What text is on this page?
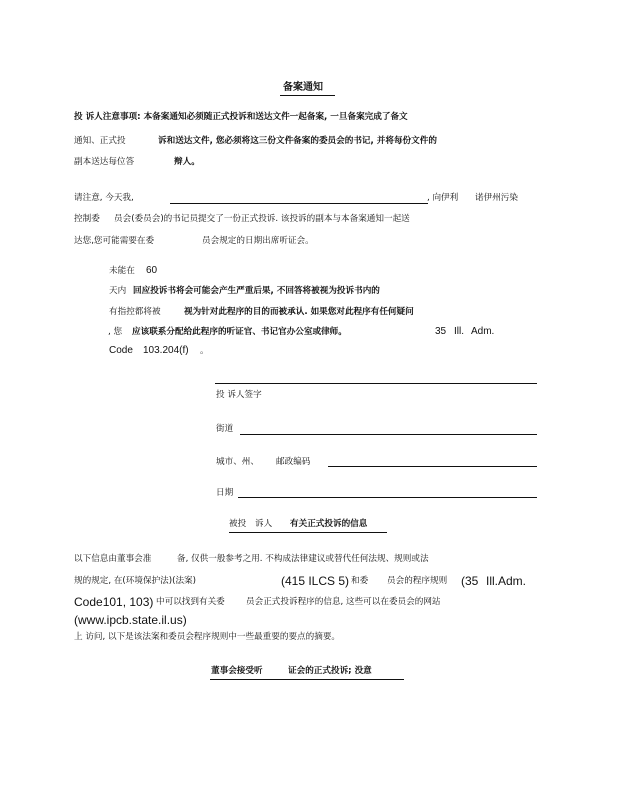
备案通知
投 诉人注意事项: 本备案通知必须随正式投诉和送达文件一起备案, 一旦备案完成了备文
通知、正式投	诉和送达文件, 您必须将这三份文件备案的委员会的书记, 并将每份文件的
副本送达每位答	辩人。
请注意, 今天我,	, 向伊利 诺伊州污染
控制委 员会(委员会)的书记员提交了一份正式投诉. 该投诉的副本与本备案通知一起送
达您,您可能需要在委	员会规定的日期出席听证会。
未能在 60
天内 回应投诉书将会可能会产生严重后果, 不回答将被视为投诉书内的
有指控都将被	视为针对此程序的目的而被承认. 如果您对此程序有任何疑问
, 您 应该联系分配给此程序的听证官、书记官办公室或律师。	35 Ill. Adm.
Code 103.204(f) 。
投 诉人签字
街道
城市、州、 邮政编码
日期
被投 诉人 有关正式投诉的信息
以下信息由董事会准	备, 仅供一般参考之用. 不构成法律建议或替代任何法规、规则或法
规的规定, 在(环境保护法)(法案)	(415 ILCS 5) 和委 员会的程序规则 (35 Ill.Adm.
Code101, 103) 中可以找到有关委 员会正式投诉程序的信息, 这些可以在委员会的网站
(www.ipcb.state.il.us)
上 访问, 以下是该法案和委员会程序规则中一些最重要的要点的摘要。
董事会接受听	证会的正式投诉; 没意
